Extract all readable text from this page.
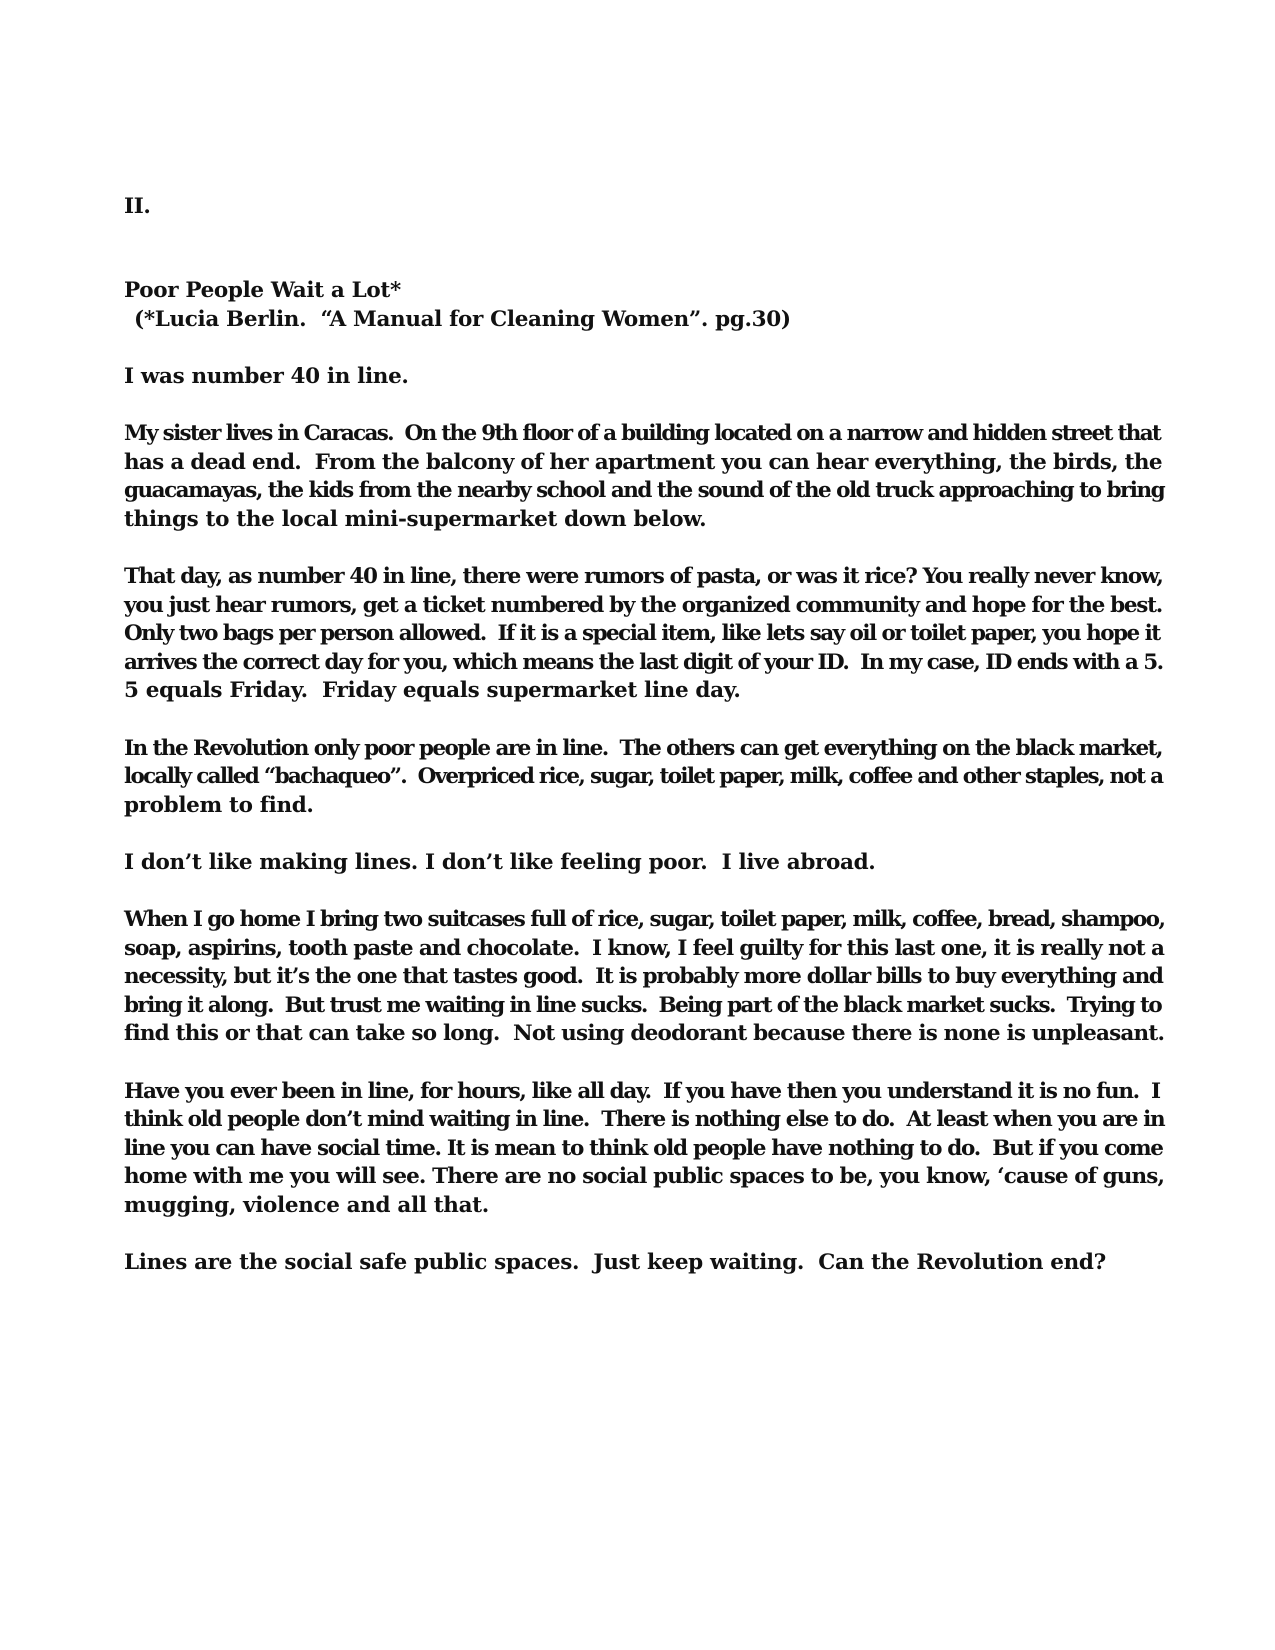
II.

Poor People Wait a Lot*
(*Lucia Berlin.  “A Manual for Cleaning Women”. pg.30)
I was number 40 in line.
My sister lives in Caracas.  On the 9th floor of a building located on a narrow and hidden street that
has a dead end.  From the balcony of her apartment you can hear everything, the birds, the
guacamayas, the kids from the nearby school and the sound of the old truck approaching to bring
things to the local mini-supermarket down below.
That day, as number 40 in line, there were rumors of pasta, or was it rice? You really never know,
you just hear rumors, get a ticket numbered by the organized community and hope for the best.
Only two bags per person allowed.  If it is a special item, like lets say oil or toilet paper, you hope it
arrives the correct day for you, which means the last digit of your ID.  In my case, ID ends with a 5.
5 equals Friday.  Friday equals supermarket line day.
In the Revolution only poor people are in line.  The others can get everything on the black market,
locally called “bachaqueo”.  Overpriced rice, sugar, toilet paper, milk, coffee and other staples, not a
problem to find.
I don’t like making lines. I don’t like feeling poor.  I live abroad.
When I go home I bring two suitcases full of rice, sugar, toilet paper, milk, coffee, bread, shampoo,
soap, aspirins, tooth paste and chocolate.  I know, I feel guilty for this last one, it is really not a
necessity, but it’s the one that tastes good.  It is probably more dollar bills to buy everything and
bring it along.  But trust me waiting in line sucks.  Being part of the black market sucks.  Trying to
find this or that can take so long.  Not using deodorant because there is none is unpleasant.
Have you ever been in line, for hours, like all day.  If you have then you understand it is no fun.  I
think old people don’t mind waiting in line.  There is nothing else to do.  At least when you are in
line you can have social time. It is mean to think old people have nothing to do.  But if you come
home with me you will see. There are no social public spaces to be, you know, ‘cause of guns,
mugging, violence and all that.
Lines are the social safe public spaces.  Just keep waiting.  Can the Revolution end?
